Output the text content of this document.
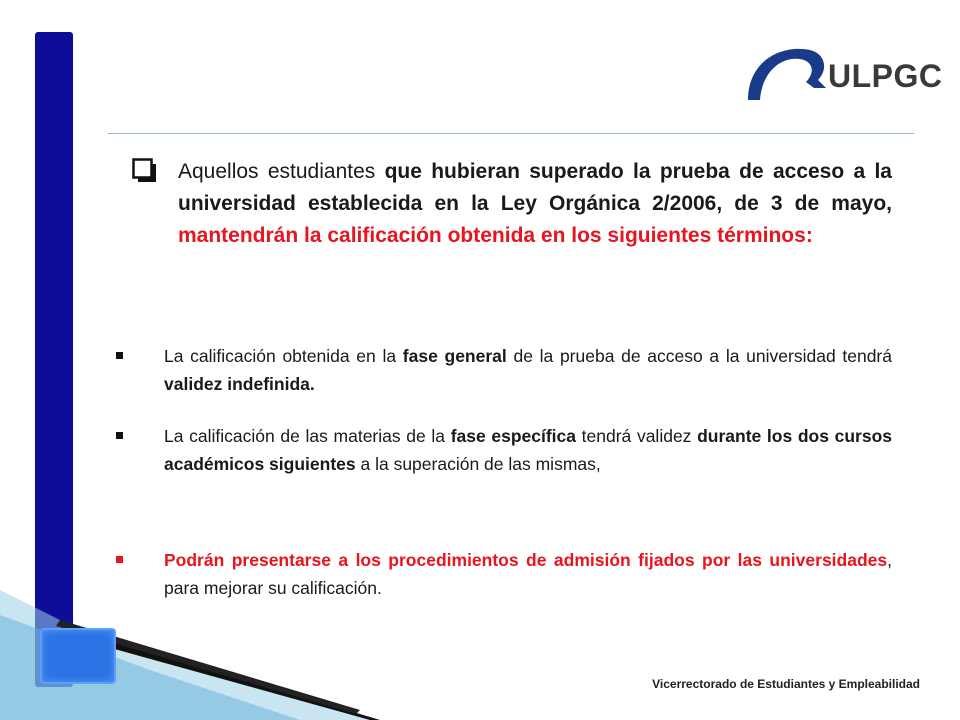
ULPGC
Aquellos estudiantes que hubieran superado la prueba de acceso a la universidad establecida en la Ley Orgánica 2/2006, de 3 de mayo, mantendrán la calificación obtenida en los siguientes términos:
La calificación obtenida en la fase general de la prueba de acceso a la universidad tendrá validez indefinida.
La calificación de las materias de la fase específica tendrá validez durante los dos cursos académicos siguientes a la superación de las mismas,
Podrán presentarse a los procedimientos de admisión fijados por las universidades, para mejorar su calificación.
Vicerrectorado de Estudiantes y Empleabilidad
